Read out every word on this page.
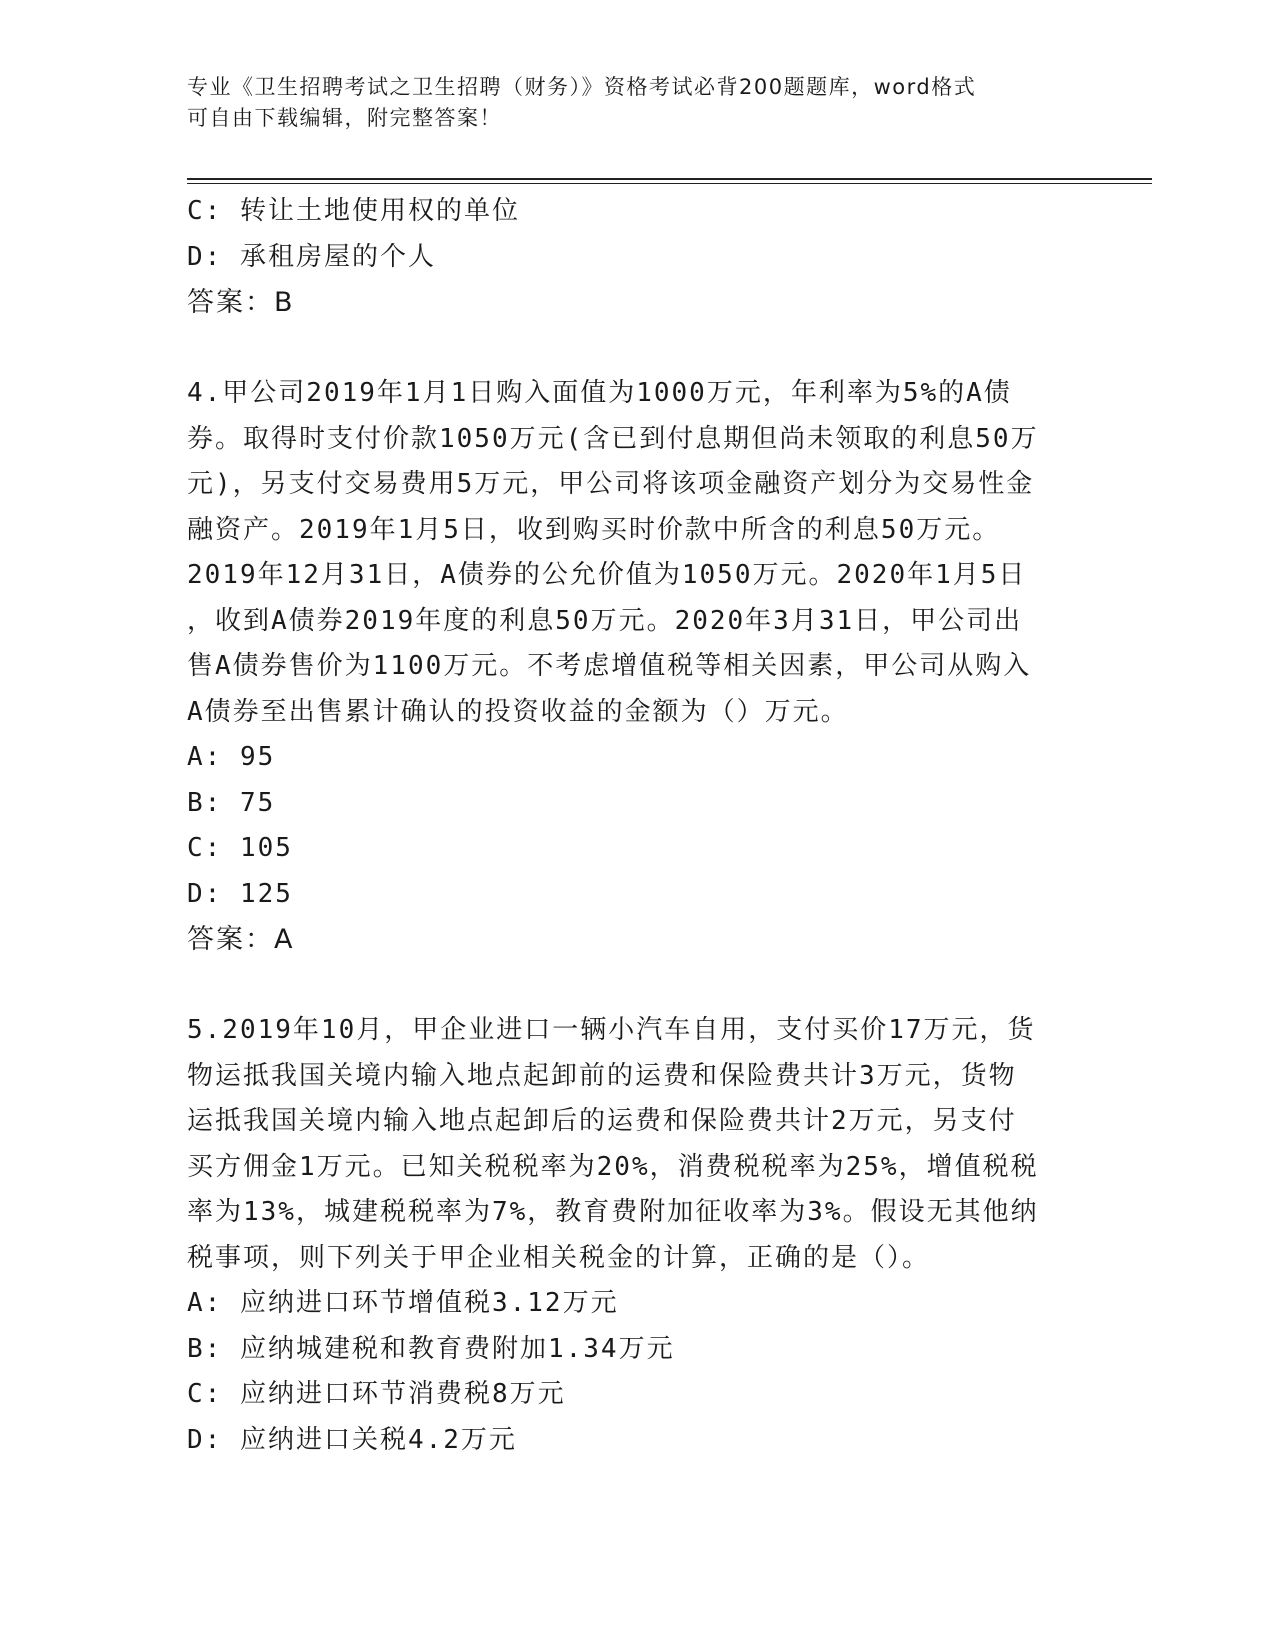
专业《卫生招聘考试之卫生招聘（财务）》资格考试必背200题题库，word格式
可自由下载编辑，附完整答案！
C: 转让土地使用权的单位
D: 承租房屋的个人
答案：B
4.甲公司2019年1月1日购入面值为1000万元，年利率为5%的A债
券。取得时支付价款1050万元(含已到付息期但尚未领取的利息50万
元)，另支付交易费用5万元，甲公司将该项金融资产划分为交易性金
融资产。2019年1月5日，收到购买时价款中所含的利息50万元。
2019年12月31日，A债券的公允价值为1050万元。2020年1月5日
，收到A债券2019年度的利息50万元。2020年3月31日，甲公司出
售A债券售价为1100万元。不考虑增值税等相关因素，甲公司从购入
A债券至出售累计确认的投资收益的金额为（）万元。
A: 95
B: 75
C: 105
D: 125
答案：A
5.2019年10月，甲企业进口一辆小汽车自用，支付买价17万元，货
物运抵我国关境内输入地点起卸前的运费和保险费共计3万元，货物
运抵我国关境内输入地点起卸后的运费和保险费共计2万元，另支付
买方佣金1万元。已知关税税率为20%，消费税税率为25%，增值税税
率为13%，城建税税率为7%，教育费附加征收率为3%。假设无其他纳
税事项，则下列关于甲企业相关税金的计算，正确的是（）。
A: 应纳进口环节增值税3.12万元
B: 应纳城建税和教育费附加1.34万元
C: 应纳进口环节消费税8万元
D: 应纳进口关税4.2万元
